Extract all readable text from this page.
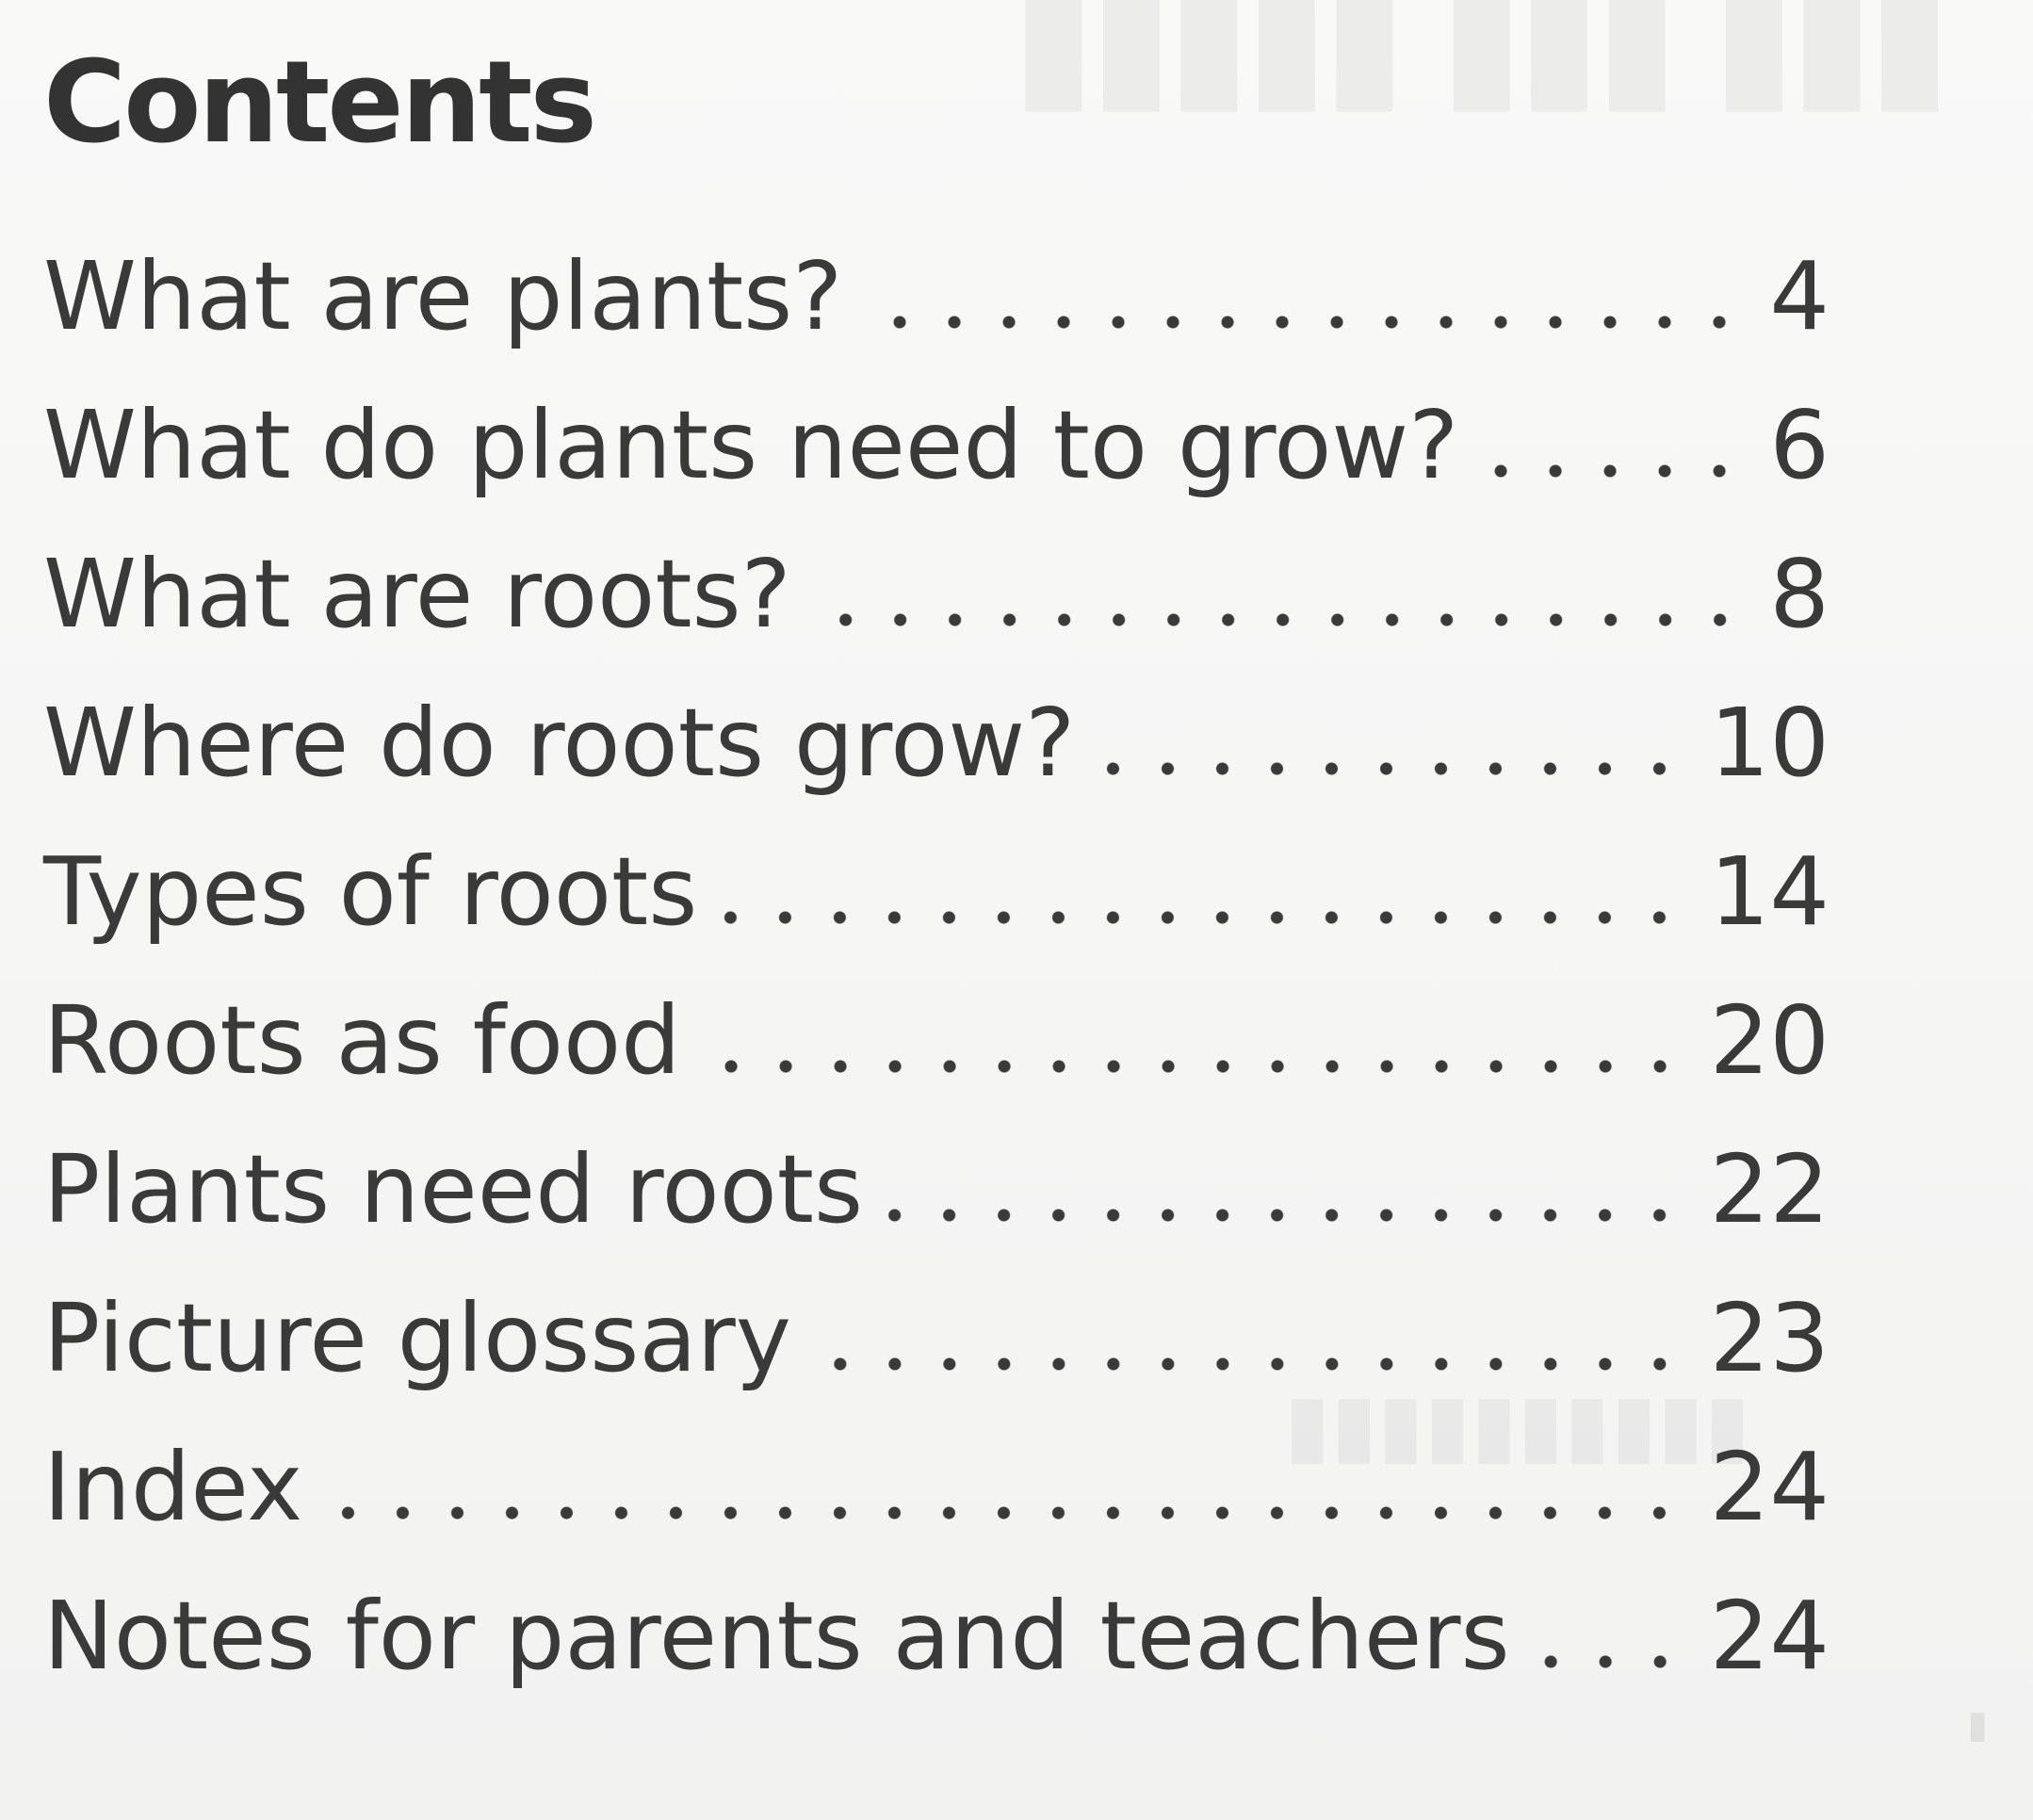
▮▮▮ ▮▮▮ ▮▮▮▮▮
Contents
What are plants?	4
What do plants need to grow?	6
What are roots?	8
Where do roots grow?	10
Types of roots	14
Roots as food	20
Plants need roots	22
Picture glossary	23
Index	24
Notes for parents and teachers 24
▮
